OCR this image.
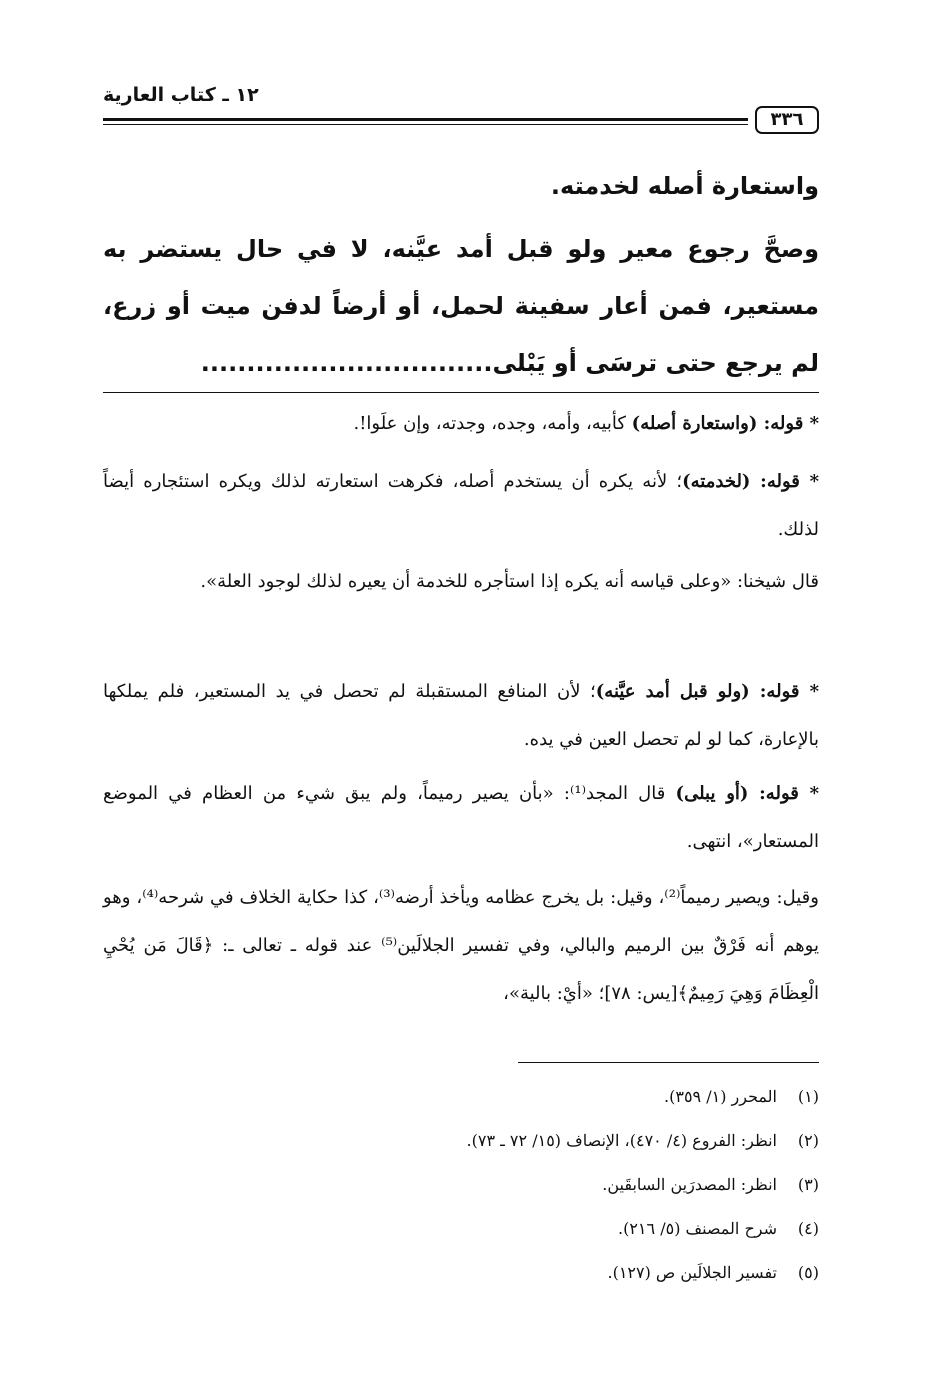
١٢ ـ كتاب العارية
٣٣٦

واستعارة أصله لخدمته.

وصحَّ رجوع معير ولو قبل أمد عيَّنه، لا في حال يستضر به مستعير، فمن أعار سفينة لحمل، أو أرضاً لدفن ميت أو زرع، لم يرجع حتى ترسَى أو يَبْلى................................

* قوله: (واستعارة أصله) كأبيه، وأمه، وجده، وجدته، وإن علَوا!.

* قوله: (لخدمته)؛ لأنه يكره أن يستخدم أصله، فكرهت استعارته لذلك ويكره استئجاره أيضاً لذلك.

قال شيخنا: «وعلى قياسه أنه يكره إذا استأجره للخدمة أن يعيره لذلك لوجود العلة».

* قوله: (ولو قبل أمد عيَّنه)؛ لأن المنافع المستقبلة لم تحصل في يد المستعير، فلم يملكها بالإعارة، كما لو لم تحصل العين في يده.

* قوله: (أو يبلى) قال المجد⁽¹⁾: «بأن يصير رميماً، ولم يبق شيء من العظام في الموضع المستعار»، انتهى.

وقيل: ويصير رميماً⁽²⁾، وقيل: بل يخرج عظامه ويأخذ أرضه⁽³⁾، كذا حكاية الخلاف في شرحه⁽⁴⁾، وهو يوهم أنه فَرْقٌ بين الرميم والبالي، وفي تفسير الجلالَين⁽⁵⁾ عند قوله ـ تعالى ـ: ﴿قَالَ مَن يُحْيِ الْعِظَامَ وَهِيَ رَمِيمٌ﴾[يس: ٧٨]؛ «أيْ: بالية»،

(١)المحرر (١/ ٣٥٩).
(٢)انظر: الفروع (٤/ ٤٧٠)، الإنصاف (١٥/ ٧٢ ـ ٧٣).
(٣)انظر: المصدرَين السابقَين.
(٤)شرح المصنف (٥/ ٢١٦).
(٥)تفسير الجلالَين ص (١٢٧).
